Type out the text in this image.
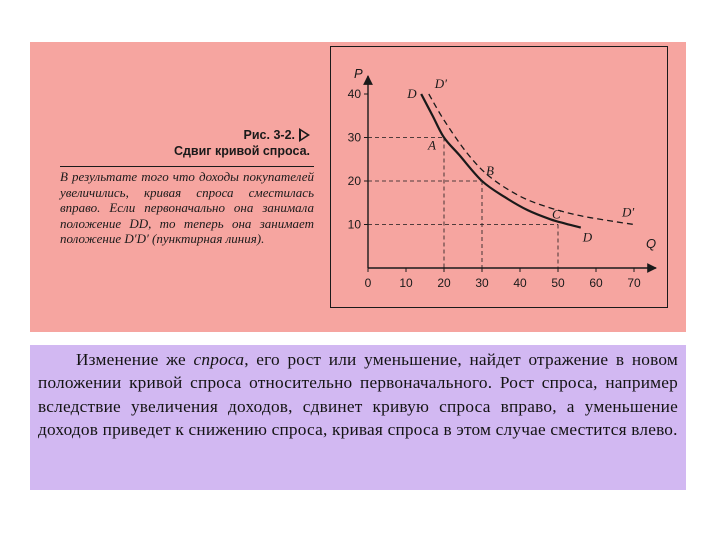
Рис. 3-2.
Сдвиг кривой спроса.
В результате того что доходы покупателей увеличились, кривая спроса сместилась вправо. Если первоначально она занимала положение DD, то теперь она занимает положение D′D′ (пунктирная линия).	Q
P
0 10 20 30 40 50 60 70
10
20
30
40	D
D
D′
D′
A
B
C
Изменение же спроса, его рост или уменьшение, найдет отражение в новом положении кривой спроса относительно первоначального. Рост спроса, например вследствие увеличения доходов, сдвинет кривую спроса вправо, а уменьшение доходов приведет к снижению спроса, кривая спроса в этом случае сместится влево.
